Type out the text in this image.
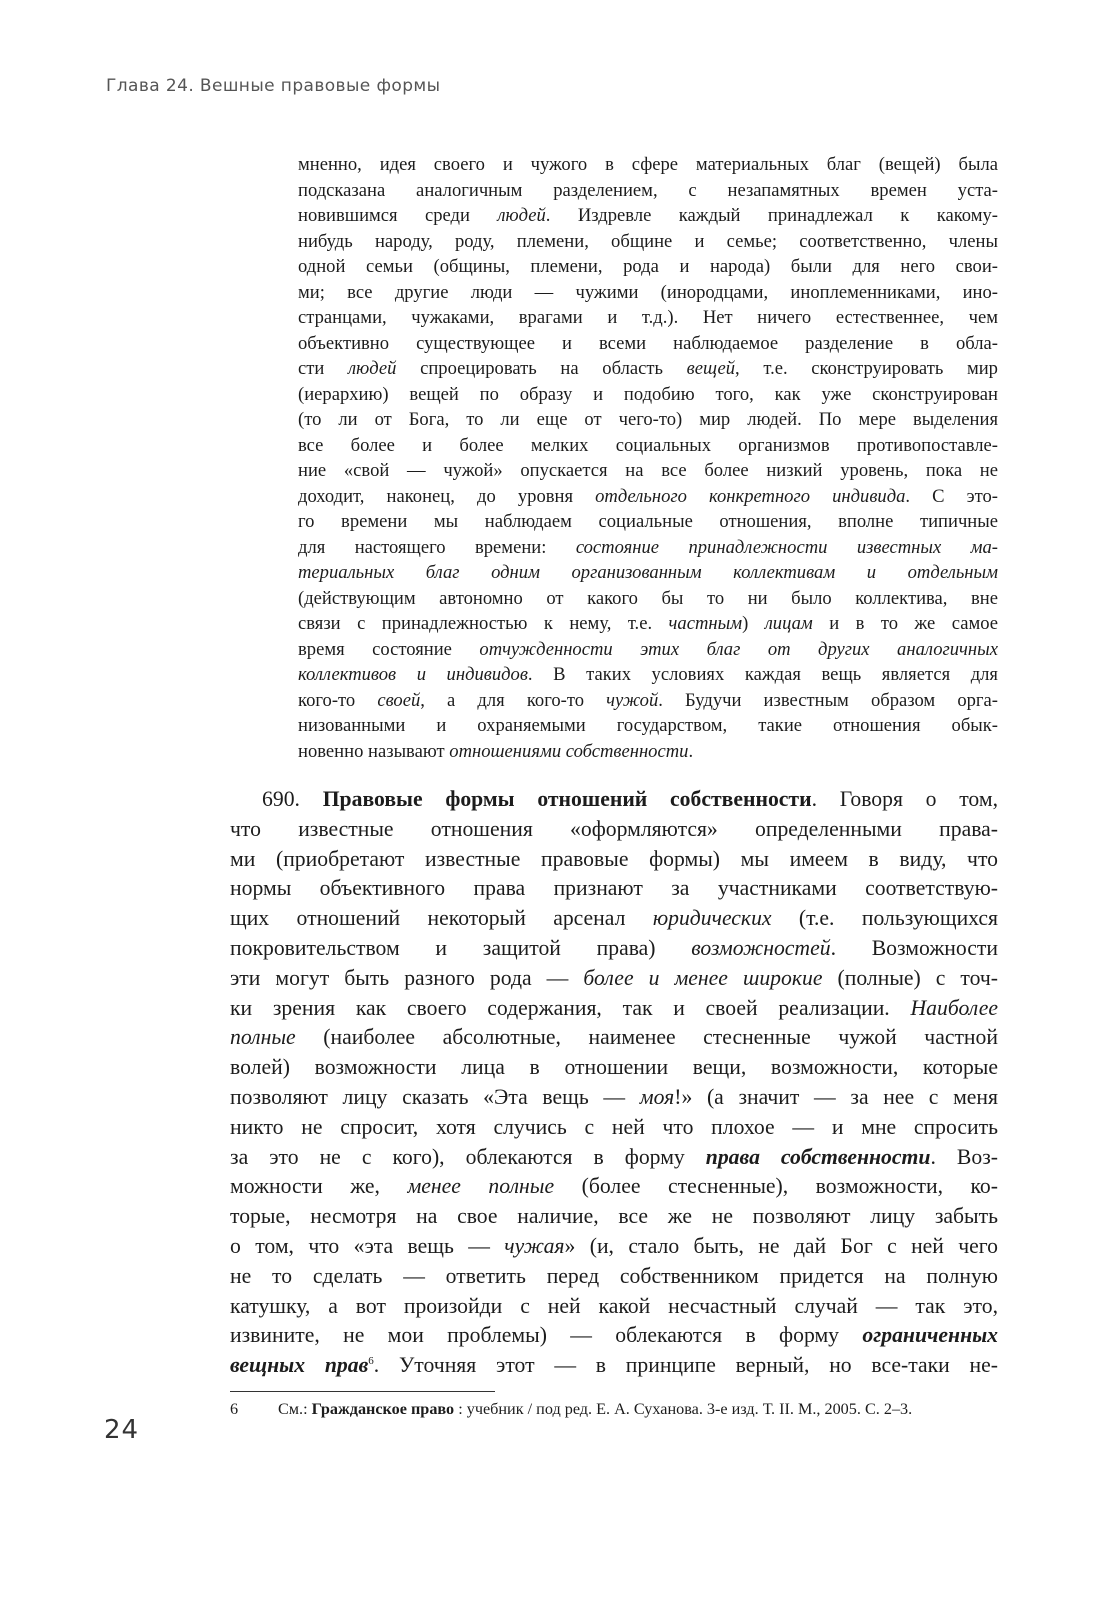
Глава 24. Вешные правовые формы

мненно, идея своего и чужого в сфере материальных благ (вещей) была

подсказана аналогичным разделением, с незапамятных времен уста-

новившимся среди людей. Издревле каждый принадлежал к какому-

нибудь народу, роду, племени, общине и семье; соответственно, члены

одной семьи (общины, племени, рода и народа) были для него свои-

ми; все другие люди — чужими (инородцами, иноплеменниками, ино-

странцами, чужаками, врагами и т.д.). Нет ничего естественнее, чем

объективно существующее и всеми наблюдаемое разделение в обла-

сти людей спроецировать на область вещей, т.е. сконструировать мир

(иерархию) вещей по образу и подобию того, как уже сконструирован

(то ли от Бога, то ли еще от чего-то) мир людей. По мере выделения

все более и более мелких социальных организмов противопоставле-

ние «свой — чужой» опускается на все более низкий уровень, пока не

доходит, наконец, до уровня отдельного конкретного индивида. С это-

го времени мы наблюдаем социальные отношения, вполне типичные

для настоящего времени: состояние принадлежности известных ма-

териальных благ одним организованным коллективам и отдельным

(действующим автономно от какого бы то ни было коллектива, вне

связи с принадлежностью к нему, т.е. частным) лицам и в то же самое

время состояние отчужденности этих благ от других аналогичных

коллективов и индивидов. В таких условиях каждая вещь является для

кого-то своей, а для кого-то чужой. Будучи известным образом орга-

низованными и охраняемыми государством, такие отношения обык-

новенно называют отношениями собственности.

690. Правовые формы отношений собственности. Говоря о том,

что известные отношения «оформляются» определенными права-

ми (приобретают известные правовые формы) мы имеем в виду, что

нормы объективного права признают за участниками соответствую-

щих отношений некоторый арсенал юридических (т.е. пользующихся

покровительством и защитой права) возможностей. Возможности

эти могут быть разного рода — более и менее широкие (полные) с точ-

ки зрения как своего содержания, так и своей реализации. Наиболее

полные (наиболее абсолютные, наименее стесненные чужой частной

волей) возможности лица в отношении вещи, возможности, которые

позволяют лицу сказать «Эта вещь — моя!» (а значит — за нее с меня

никто не спросит, хотя случись с ней что плохое — и мне спросить

за это не с кого), облекаются в форму права собственности. Воз-

можности же, менее полные (более стесненные), возможности, ко-

торые, несмотря на свое наличие, все же не позволяют лицу забыть

о том, что «эта вещь — чужая» (и, стало быть, не дай Бог с ней чего

не то сделать — ответить перед собственником придется на полную

катушку, а вот произойди с ней какой несчастный случай — так это,

извините, не мои проблемы) — облекаются в форму ограниченных

вещных прав$^6$. Уточняя этот — в принципе верный, но все-таки не-

6 См.: Гражданское право : учебник / под ред. Е. А. Суханова. 3-е изд. Т. II. М., 2005. С. 2–3.
24
